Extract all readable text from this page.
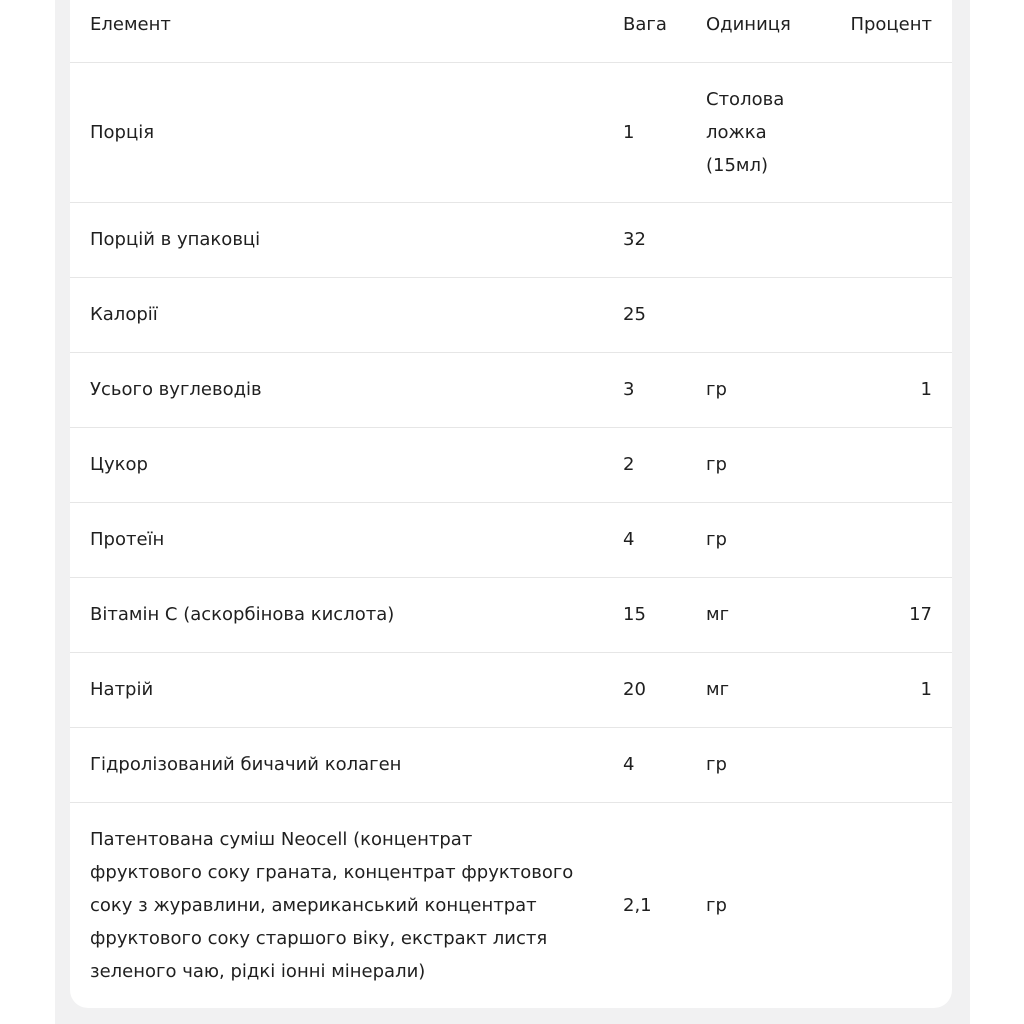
Елемент	Вага	Одиниця	Процент
Порція	1	Столова ложка (15мл)	
Порцій в упаковці	32		
Калорії	25		
Усього вуглеводів	3	гр	1
Цукор	2	гр	
Протеїн	4	гр	
Вітамін С (аскорбінова кислота)	15	мг	17
Натрій	20	мг	1
Гідролізований бичачий колаген	4	гр	
Патентована суміш Neocell (концентрат фруктового соку граната, концентрат фруктового соку з журавлини, американський концентрат фруктового соку старшого віку, екстракт листя зеленого чаю, рідкі іонні мінерали)	2,1	гр	
